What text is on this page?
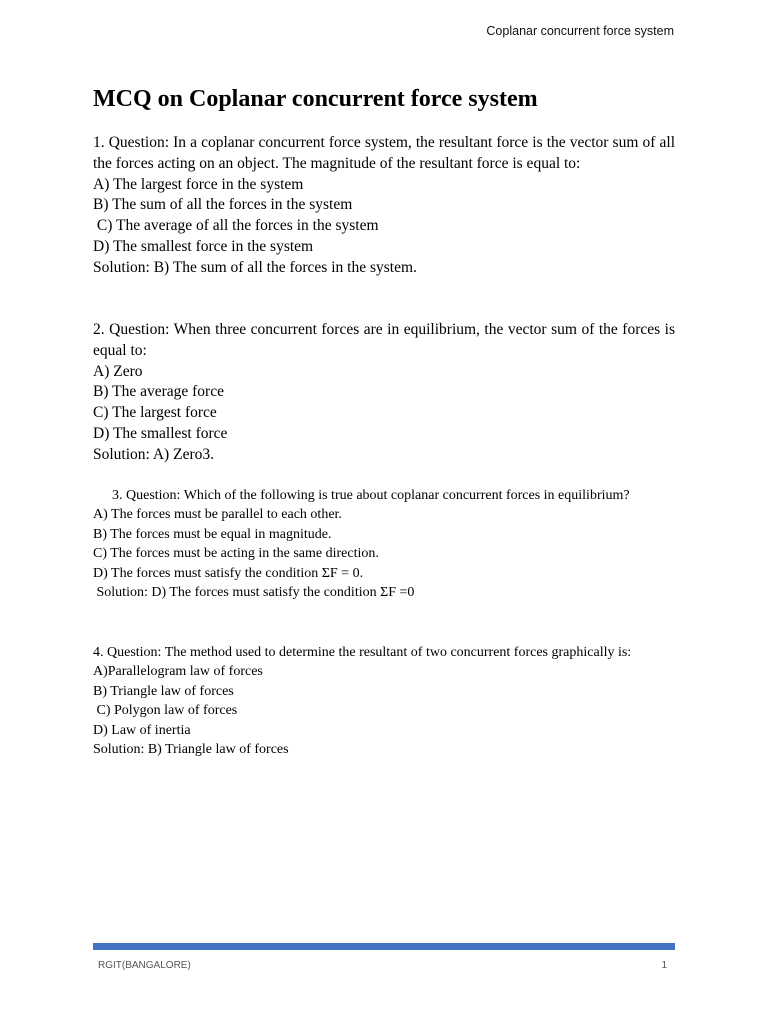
Coplanar concurrent force system
MCQ on Coplanar concurrent force system
1. Question: In a coplanar concurrent force system, the resultant force is the vector sum of all the forces acting on an object. The magnitude of the resultant force is equal to:
A) The largest force in the system
B) The sum of all the forces in the system
C) The average of all the forces in the system
D) The smallest force in the system
Solution: B) The sum of all the forces in the system.
2. Question: When three concurrent forces are in equilibrium, the vector sum of the forces is equal to:
A) Zero
B) The average force
C) The largest force
D) The smallest force
Solution: A) Zero3.
3. Question: Which of the following is true about coplanar concurrent forces in equilibrium?
A) The forces must be parallel to each other.
B) The forces must be equal in magnitude.
C) The forces must be acting in the same direction.
D) The forces must satisfy the condition ΣF = 0.
Solution: D) The forces must satisfy the condition ΣF =0
4. Question: The method used to determine the resultant of two concurrent forces graphically is:
A)Parallelogram law of forces
B) Triangle law of forces
C) Polygon law of forces
D) Law of inertia
Solution: B) Triangle law of forces
RGIT(BANGALORE)	1
